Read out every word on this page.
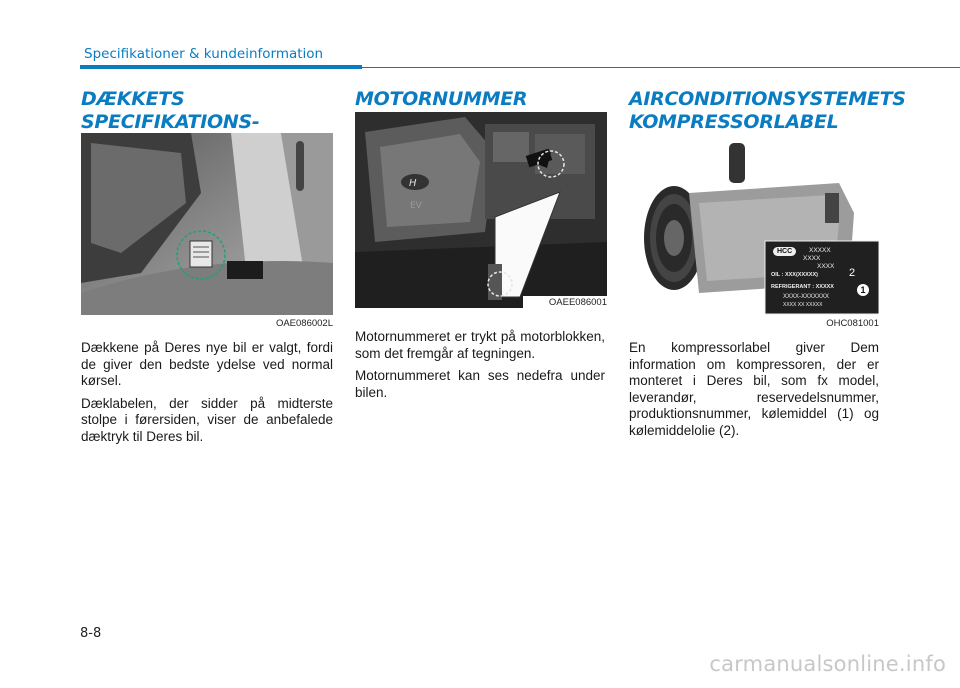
Specifikationer & kundeinformation
DÆKKETS SPECIFIKATIONS-

OAE086002L

Dækkene på Deres nye bil er valgt, fordi de giver den bedste ydelse ved normal kørsel.

Dæklabelen, der sidder på midterste stolpe i førersiden, viser de anbefalede dæktryk til Deres bil.

MOTORNUMMER
H
EV
OAEE086001

Motornummeret er trykt på motorblokken, som det fremgår af tegningen.

Motornummeret kan ses nedefra under bilen.

AIRCONDITIONSYSTEMETS
KOMPRESSORLABEL
HCC	XXXXX
XXXX
XXXX
OIL : XXX(XXXXX)	2
REFRIGERANT : XXXXX	1
XXXX-XXXXXXX
XXXX XX XXXXX
OHC081001

En kompressorlabel giver Dem information om kompressoren, der er monteret i Deres bil, som fx model, leverandør, reservedelsnummer, produktionsnummer, kølemiddel (1) og kølemiddelolie (2).

8-8
carmanualsonline.info
